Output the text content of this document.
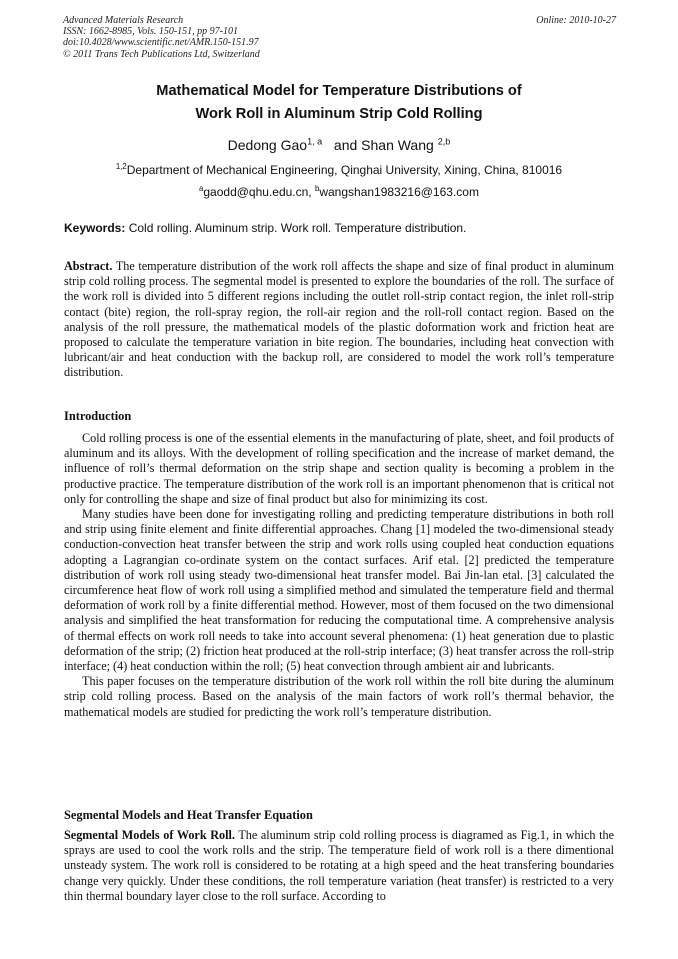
Advanced Materials Research
ISSN: 1662-8985, Vols. 150-151, pp 97-101
doi:10.4028/www.scientific.net/AMR.150-151.97
© 2011 Trans Tech Publications Ltd, Switzerland
Online: 2010-10-27
Mathematical Model for Temperature Distributions of
Work Roll in Aluminum Strip Cold Rolling
Dedong Gao$^{1, a}$ and Shan Wang $^{2,b}$
$^{1,2}$Department of Mechanical Engineering, Qinghai University, Xining, China, 810016
$^a$gaodd@qhu.edu.cn, $^b$wangshan1983216@163.com
Keywords: Cold rolling. Aluminum strip. Work roll. Temperature distribution.

Abstract. The temperature distribution of the work roll affects the shape and size of final product in aluminum strip cold rolling process. The segmental model is presented to explore the boundaries of the roll. The surface of the work roll is divided into 5 different regions including the outlet roll-strip contact region, the inlet roll-strip contact (bite) region, the roll-spray region, the roll-air region and the roll-roll contact region. Based on the analysis of the roll pressure, the mathematical models of the plastic doformation work and friction heat are proposed to calculate the temperature variation in bite region. The boundaries, including heat convection with lubricant/air and heat conduction with the backup roll, are considered to model the work roll’s temperature distribution.

Introduction

Cold rolling process is one of the essential elements in the manufacturing of plate, sheet, and foil products of aluminum and its alloys. With the development of rolling specification and the increase of market demand, the influence of roll’s thermal deformation on the strip shape and section quality is becoming a problem in the productive practice. The temperature distribution of the work roll is an important phenomenon that is critical not only for controlling the shape and size of final product but also for minimizing its cost.

Many studies have been done for investigating rolling and predicting temperature distributions in both roll and strip using finite element and finite differential approaches. Chang [1] modeled the two-dimensional steady conduction-convection heat transfer between the strip and work rolls using coupled heat conduction equations adopting a Lagrangian co-ordinate system on the contact surfaces. Arif etal. [2] predicted the temperature distribution of work roll using steady two-dimensional heat transfer model. Bai Jin-lan etal. [3] calculated the circumference heat flow of work roll using a simplified method and simulated the temperature field and thermal deformation of work roll by a finite differential method. However, most of them focused on the two dimensional analysis and simplified the heat transformation for reducing the computational time. A comprehensive analysis of thermal effects on work roll needs to take into account several phenomena: (1) heat generation due to plastic deformation of the strip; (2) friction heat produced at the roll-strip interface; (3) heat transfer across the roll-strip interface; (4) heat conduction within the roll; (5) heat convection through ambient air and lubricants.

This paper focuses on the temperature distribution of the work roll within the roll bite during the aluminum strip cold rolling process. Based on the analysis of the main factors of work roll’s thermal behavior, the mathematical models are studied for predicting the work roll’s temperature distribution.

Segmental Models and Heat Transfer Equation

Segmental Models of Work Roll. The aluminum strip cold rolling process is diagramed as Fig.1, in which the sprays are used to cool the work rolls and the strip. The temperature field of work roll is a there dimentional unsteady system. The work roll is considered to be rotating at a high speed and the heat transfering boundaries change very quickly. Under these conditions, the roll temperature variation (heat transfer) is restricted to a very thin thermal boundary layer close to the roll surface. According to
